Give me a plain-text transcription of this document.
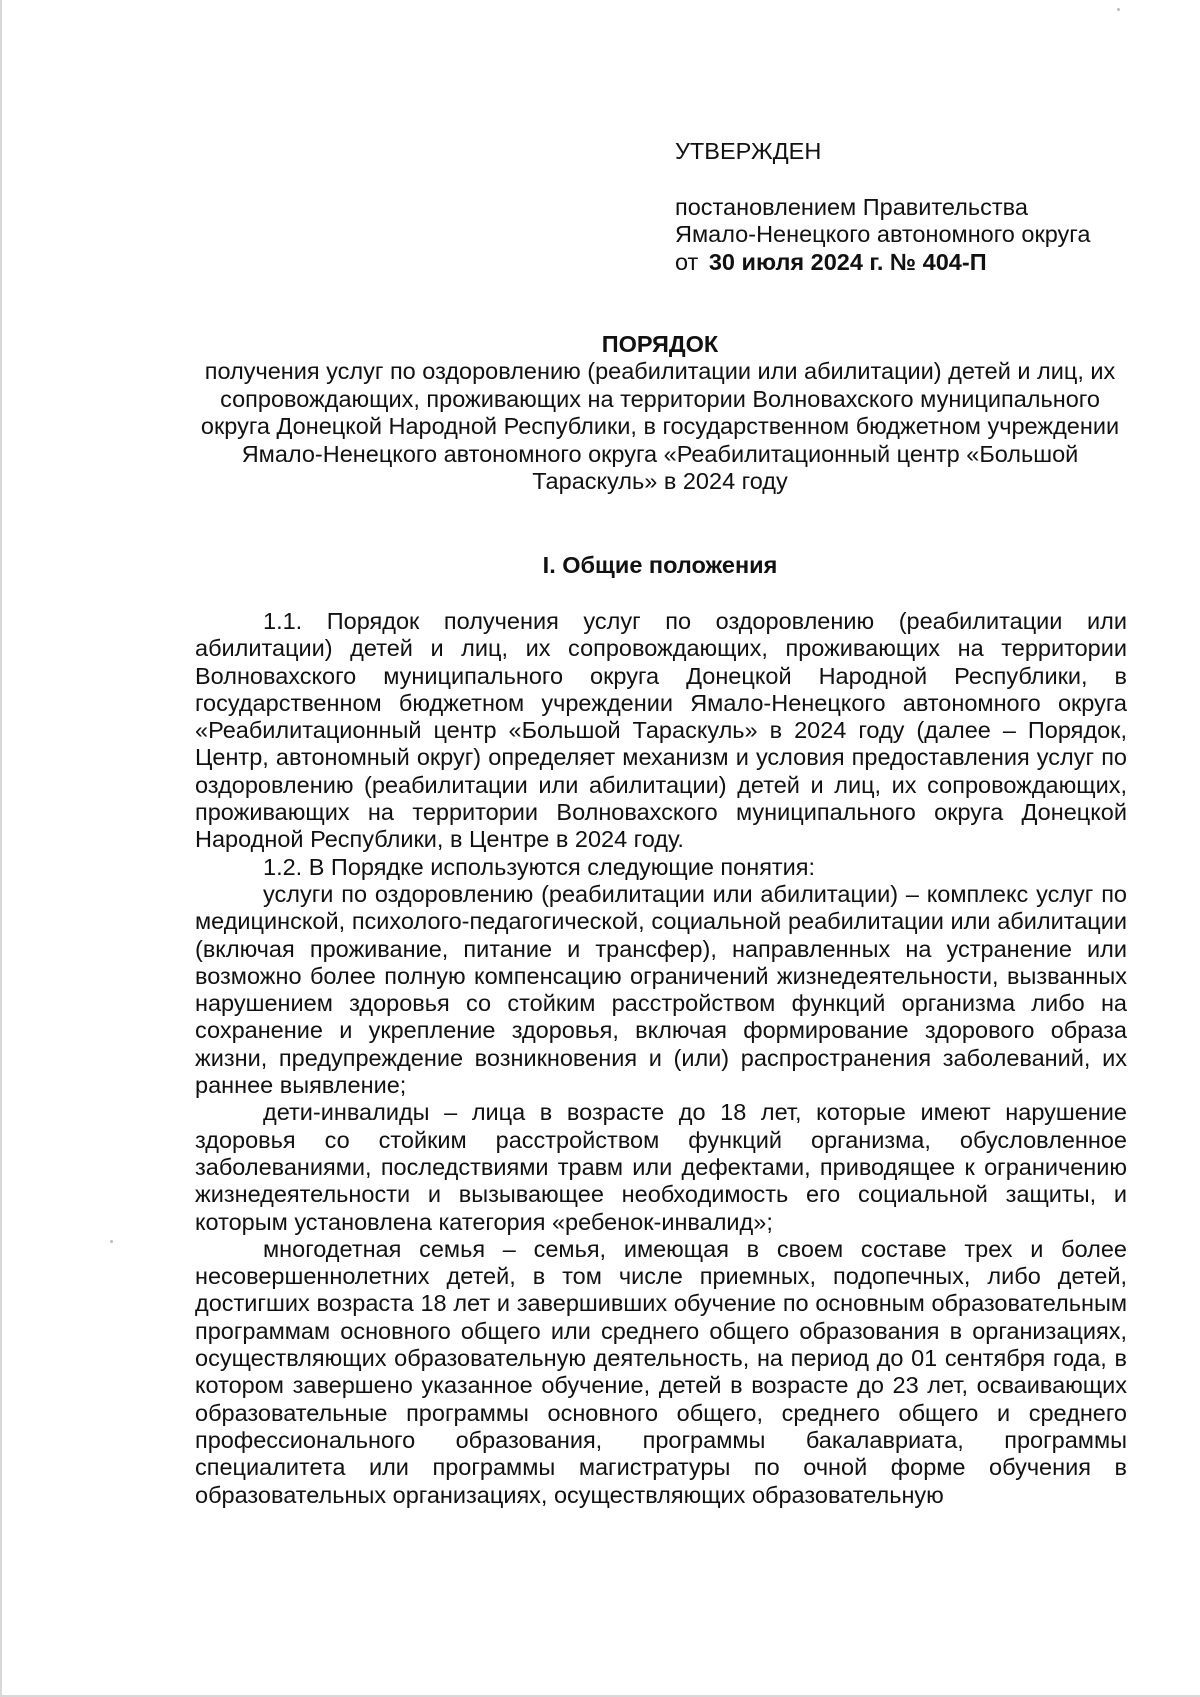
УТВЕРЖДЕН

постановлением Правительства

Ямало-Ненецкого автономного округа

от 30 июля 2024 г. № 404-П

ПОРЯДОК

получения услуг по оздоровлению (реабилитации или абилитации) детей и лиц, их сопровождающих, проживающих на территории Волновахского муниципального округа Донецкой Народной Республики, в государственном бюджетном учреждении Ямало-Ненецкого автономного округа «Реабилитационный центр «Большой Тараскуль» в 2024 году

I. Общие положения

1.1. Порядок получения услуг по оздоровлению (реабилитации или абилитации) детей и лиц, их сопровождающих, проживающих на территории Волновахского муниципального округа Донецкой Народной Республики, в государственном бюджетном учреждении Ямало-Ненецкого автономного округа «Реабилитационный центр «Большой Тараскуль» в 2024 году (далее – Порядок, Центр, автономный округ) определяет механизм и условия предоставления услуг по оздоровлению (реабилитации или абилитации) детей и лиц, их сопровождающих, проживающих на территории Волновахского муниципального округа Донецкой Народной Республики, в Центре в 2024 году.

1.2. В Порядке используются следующие понятия:

услуги по оздоровлению (реабилитации или абилитации) – комплекс услуг по медицинской, психолого-педагогической, социальной реабилитации или абилитации (включая проживание, питание и трансфер), направленных на устранение или возможно более полную компенсацию ограничений жизнедеятельности, вызванных нарушением здоровья со стойким расстройством функций организма либо на сохранение и укрепление здоровья, включая формирование здорового образа жизни, предупреждение возникновения и (или) распространения заболеваний, их раннее выявление;

дети-инвалиды – лица в возрасте до 18 лет, которые имеют нарушение здоровья со стойким расстройством функций организма, обусловленное заболеваниями, последствиями травм или дефектами, приводящее к ограничению жизнедеятельности и вызывающее необходимость его социальной защиты, и которым установлена категория «ребенок-инвалид»;

многодетная семья – семья, имеющая в своем составе трех и более несовершеннолетних детей, в том числе приемных, подопечных, либо детей, достигших возраста 18 лет и завершивших обучение по основным образовательным программам основного общего или среднего общего образования в организациях, осуществляющих образовательную деятельность, на период до 01 сентября года, в котором завершено указанное обучение, детей в возрасте до 23 лет, осваивающих образовательные программы основного общего, среднего общего и среднего профессионального образования, программы бакалавриата, программы специалитета или программы магистратуры по очной форме обучения в образовательных организациях, осуществляющих образовательную
